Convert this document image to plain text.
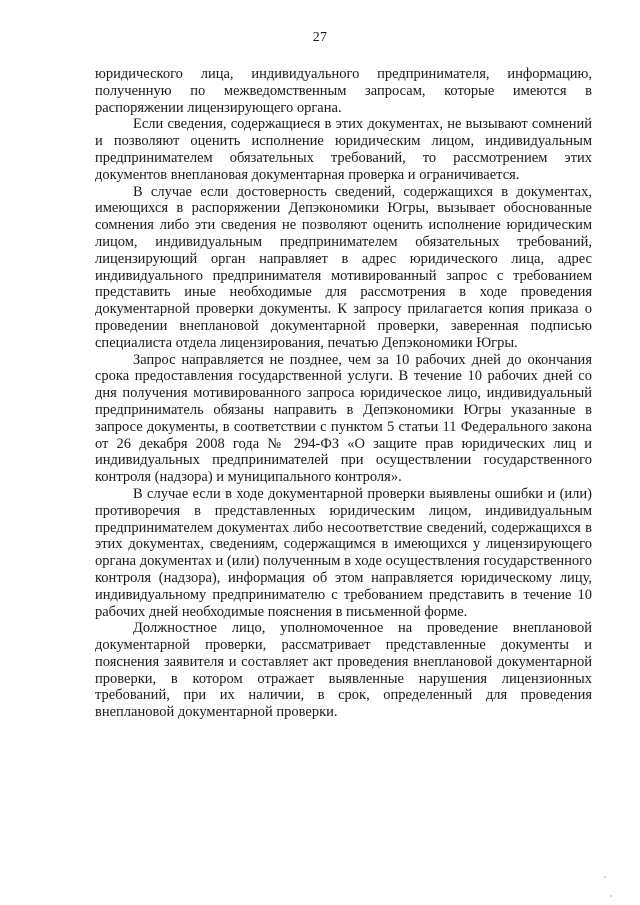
27

юридического лица, индивидуального предпринимателя, информацию, полученную по межведомственным запросам, которые имеются в распоряжении лицензирующего органа.

Если сведения, содержащиеся в этих документах, не вызывают сомнений и позволяют оценить исполнение юридическим лицом, индивидуальным предпринимателем обязательных требований, то рассмотрением этих документов внеплановая документарная проверка и ограничивается.

В случае если достоверность сведений, содержащихся в документах, имеющихся в распоряжении Депэкономики Югры, вызывает обоснованные сомнения либо эти сведения не позволяют оценить исполнение юридическим лицом, индивидуальным предпринимателем обязательных требований, лицензирующий орган направляет в адрес юридического лица, адрес индивидуального предпринимателя мотивированный запрос с требованием представить иные необходимые для рассмотрения в ходе проведения документарной проверки документы. К запросу прилагается копия приказа о проведении внеплановой документарной проверки, заверенная подписью специалиста отдела лицензирования, печатью Депэкономики Югры.

Запрос направляется не позднее, чем за 10 рабочих дней до окончания срока предоставления государственной услуги. В течение 10 рабочих дней со дня получения мотивированного запроса юридическое лицо, индивидуальный предприниматель обязаны направить в Депэкономики Югры указанные в запросе документы, в соответствии с пунктом 5 статьи 11 Федерального закона от 26 декабря 2008 года № 294-ФЗ «О защите прав юридических лиц и индивидуальных предпринимателей при осуществлении государственного контроля (надзора) и муниципального контроля».

В случае если в ходе документарной проверки выявлены ошибки и (или) противоречия в представленных юридическим лицом, индивидуальным предпринимателем документах либо несоответствие сведений, содержащихся в этих документах, сведениям, содержащимся в имеющихся у лицензирующего органа документах и (или) полученным в ходе осуществления государственного контроля (надзора), информация об этом направляется юридическому лицу, индивидуальному предпринимателю с требованием представить в течение 10 рабочих дней необходимые пояснения в письменной форме.

Должностное лицо, уполномоченное на проведение внеплановой документарной проверки, рассматривает представленные документы и пояснения заявителя и составляет акт проведения внеплановой документарной проверки, в котором отражает выявленные нарушения лицензионных требований, при их наличии, в срок, определенный для проведения внеплановой документарной проверки.
